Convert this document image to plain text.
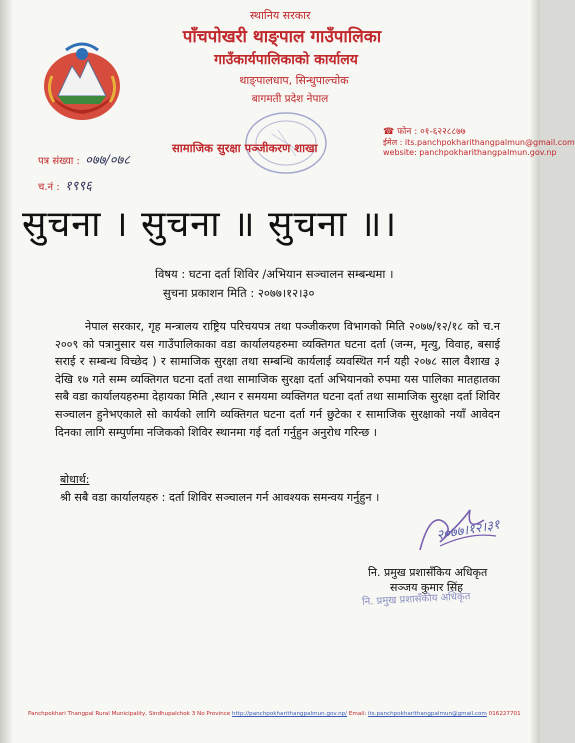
स्थानिय सरकार
पाँचपोखरी थाङ्पाल गाउँपालिका
गाउँकार्यपालिकाको कार्यालय
थाङ्पालधाप, सिन्धुपाल्चोक
बागमती प्रदेश नेपाल
सामाजिक सुरक्षा पञ्जीकरण शाखा
☎ फोन : ०१-६२२८८७७
ईमेल : its.panchpokharithangpalmun@gmail.com
website: panchpokharithangpalmun.gov.np
पत्र संख्या : ०७७/०७८
च.नं : १९९६
सुचना । सुचना ॥ सुचना ॥।
विषय : घटना दर्ता शिविर /अभियान सञ्चालन सम्बन्धमा ।
सुचना प्रकाशन मिति : २०७७।१२।३०
नेपाल सरकार, गृह मन्त्रालय राष्ट्रिय परिचयपत्र तथा पञ्जीकरण विभागको मिति २०७७/१२/१८ को च.न २००९ को पत्रानुसार यस गाउँपालिकाका वडा कार्यालयहरुमा व्यक्तिगत घटना दर्ता (जन्म, मृत्यु, विवाह, बसाई सराई र सम्बन्ध विच्छेद ) र सामाजिक सुरक्षा तथा सम्बन्धि कार्यलाई व्यवस्थित गर्न यही २०७८ साल वैशाख ३ देखि १७ गते सम्म व्यक्तिगत घटना दर्ता तथा सामाजिक सुरक्षा दर्ता अभियानको रुपमा यस पालिका मातहातका सबै वडा कार्यालयहरुमा देहायका मिति ,स्थान र समयमा व्यक्तिगत घटना दर्ता तथा सामाजिक सुरक्षा दर्ता शिविर सञ्चालन हुनेभएकाले सो कार्यको लागि व्यक्तिगत घटना दर्ता गर्न छुटेका र सामाजिक सुरक्षाको नयाँ आवेदन दिनका लागि सम्पुर्णमा नजिकको शिविर स्थानमा गई दर्ता गर्नुहुन अनुरोध गरिन्छ ।
बोधार्थ:
श्री सबै वडा कार्यालयहरु : दर्ता शिविर सञ्चालन गर्न आवश्यक समन्वय गर्नुहुन ।
२०७७।१२।३१
नि. प्रमुख प्रशासँकिय अधिकृत
सञ्जय कुमार सिंह
नि. प्रमुख प्रशासँकीय अधिकृत
Panchpokhari Thangpal Rural Municipality, Sindhupalchok 3 No Province http://panchpokharithangpalmun.gov.np/ Email: its.panchpokharithangpalmun@gmail.com 016227701
